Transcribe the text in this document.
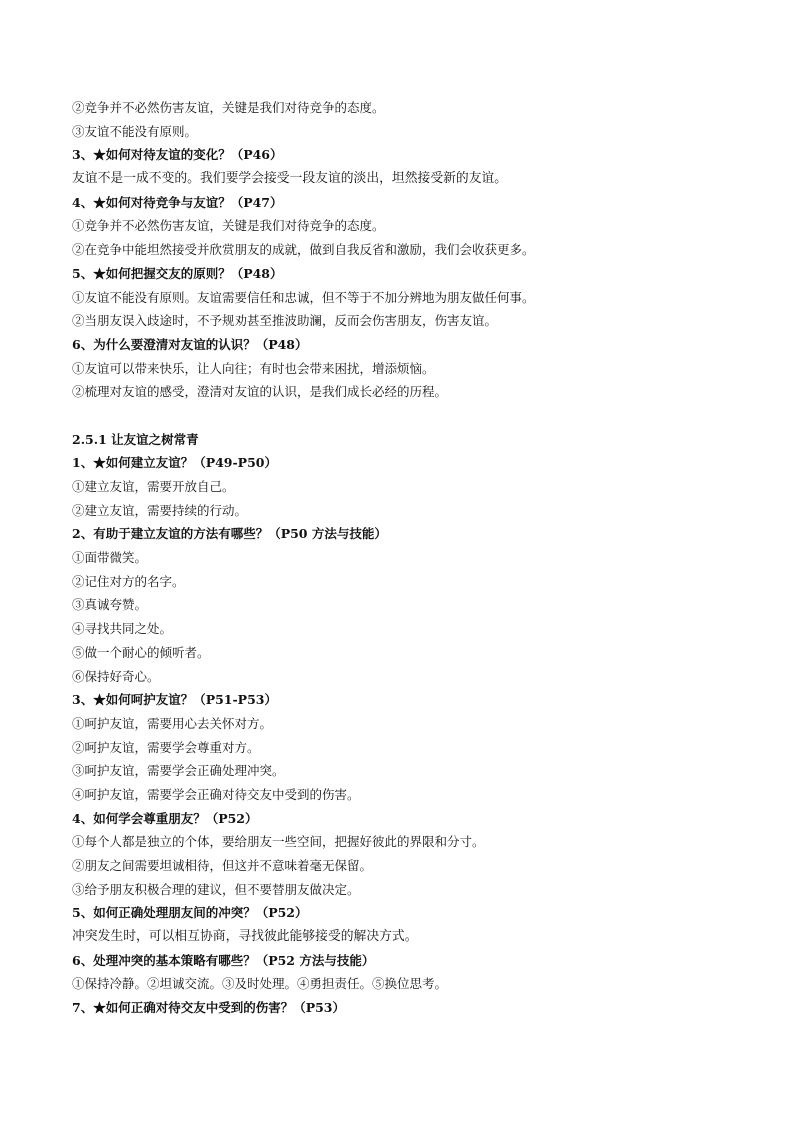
②竞争并不必然伤害友谊，关键是我们对待竞争的态度。
③友谊不能没有原则。
3、★如何对待友谊的变化？（P46）
友谊不是一成不变的。我们要学会接受一段友谊的淡出，坦然接受新的友谊。
4、★如何对待竞争与友谊？（P47）
①竞争并不必然伤害友谊，关键是我们对待竞争的态度。
②在竞争中能坦然接受并欣赏朋友的成就，做到自我反省和激励，我们会收获更多。
5、★如何把握交友的原则？（P48）
①友谊不能没有原则。友谊需要信任和忠诚，但不等于不加分辨地为朋友做任何事。
②当朋友误入歧途时，不予规劝甚至推波助澜，反而会伤害朋友，伤害友谊。
6、为什么要澄清对友谊的认识？（P48）
①友谊可以带来快乐，让人向往；有时也会带来困扰，增添烦恼。
②梳理对友谊的感受，澄清对友谊的认识，是我们成长必经的历程。
2.5.1 让友谊之树常青
1、★如何建立友谊？（P49-P50）
①建立友谊，需要开放自己。
②建立友谊，需要持续的行动。
2、有助于建立友谊的方法有哪些？（P50 方法与技能）
①面带微笑。
②记住对方的名字。
③真诚夸赞。
④寻找共同之处。
⑤做一个耐心的倾听者。
⑥保持好奇心。
3、★如何呵护友谊？（P51-P53）
①呵护友谊，需要用心去关怀对方。
②呵护友谊，需要学会尊重对方。
③呵护友谊，需要学会正确处理冲突。
④呵护友谊，需要学会正确对待交友中受到的伤害。
4、如何学会尊重朋友？（P52）
①每个人都是独立的个体，要给朋友一些空间，把握好彼此的界限和分寸。
②朋友之间需要坦诚相待，但这并不意味着毫无保留。
③给予朋友积极合理的建议，但不要替朋友做决定。
5、如何正确处理朋友间的冲突？（P52）
冲突发生时，可以相互协商，寻找彼此能够接受的解决方式。
6、处理冲突的基本策略有哪些？（P52 方法与技能）
①保持冷静。②坦诚交流。③及时处理。④勇担责任。⑤换位思考。
7、★如何正确对待交友中受到的伤害？（P53）
